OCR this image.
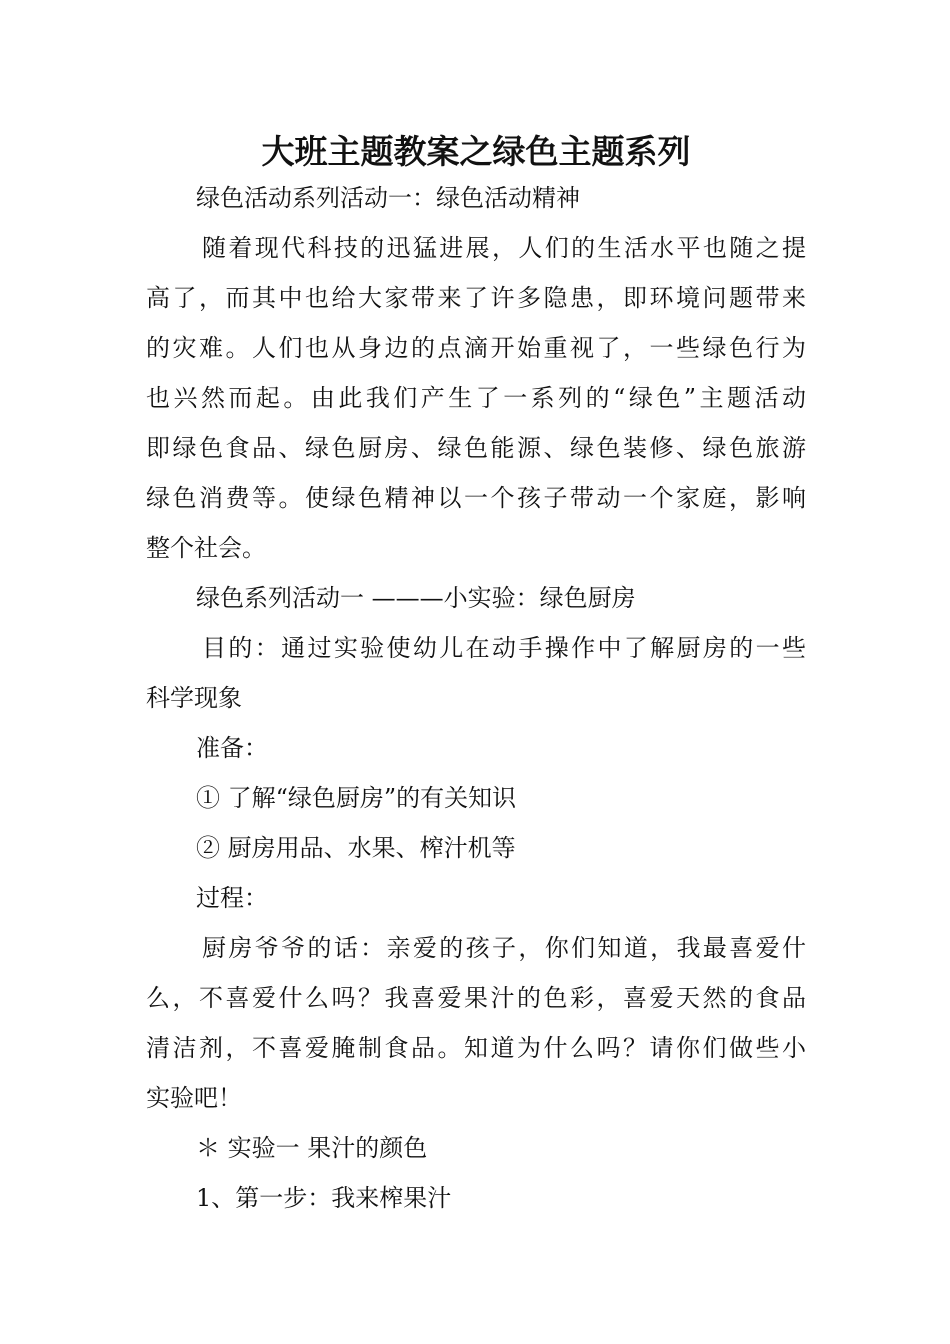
大班主题教案之绿色主题系列
绿色活动系列活动一：绿色活动精神
随着现代科技的迅猛进展，人们的生活水平也随之提
高了，而其中也给大家带来了许多隐患，即环境问题带来
的灾难。人们也从身边的点滴开始重视了，一些绿色行为
也兴然而起。由此我们产生了一系列的“绿色”主题活动
即绿色食品、绿色厨房、绿色能源、绿色装修、绿色旅游
绿色消费等。使绿色精神以一个孩子带动一个家庭，影响
整个社会。
绿色系列活动一 ———小实验：绿色厨房
目的：通过实验使幼儿在动手操作中了解厨房的一些
科学现象
准备：
① 了解“绿色厨房”的有关知识
② 厨房用品、水果、榨汁机等
过程：
厨房爷爷的话：亲爱的孩子，你们知道，我最喜爱什
么，不喜爱什么吗？我喜爱果汁的色彩，喜爱天然的食品
清洁剂，不喜爱腌制食品。知道为什么吗？请你们做些小
实验吧！
＊ 实验一 果汁的颜色
1、第一步：我来榨果汁
